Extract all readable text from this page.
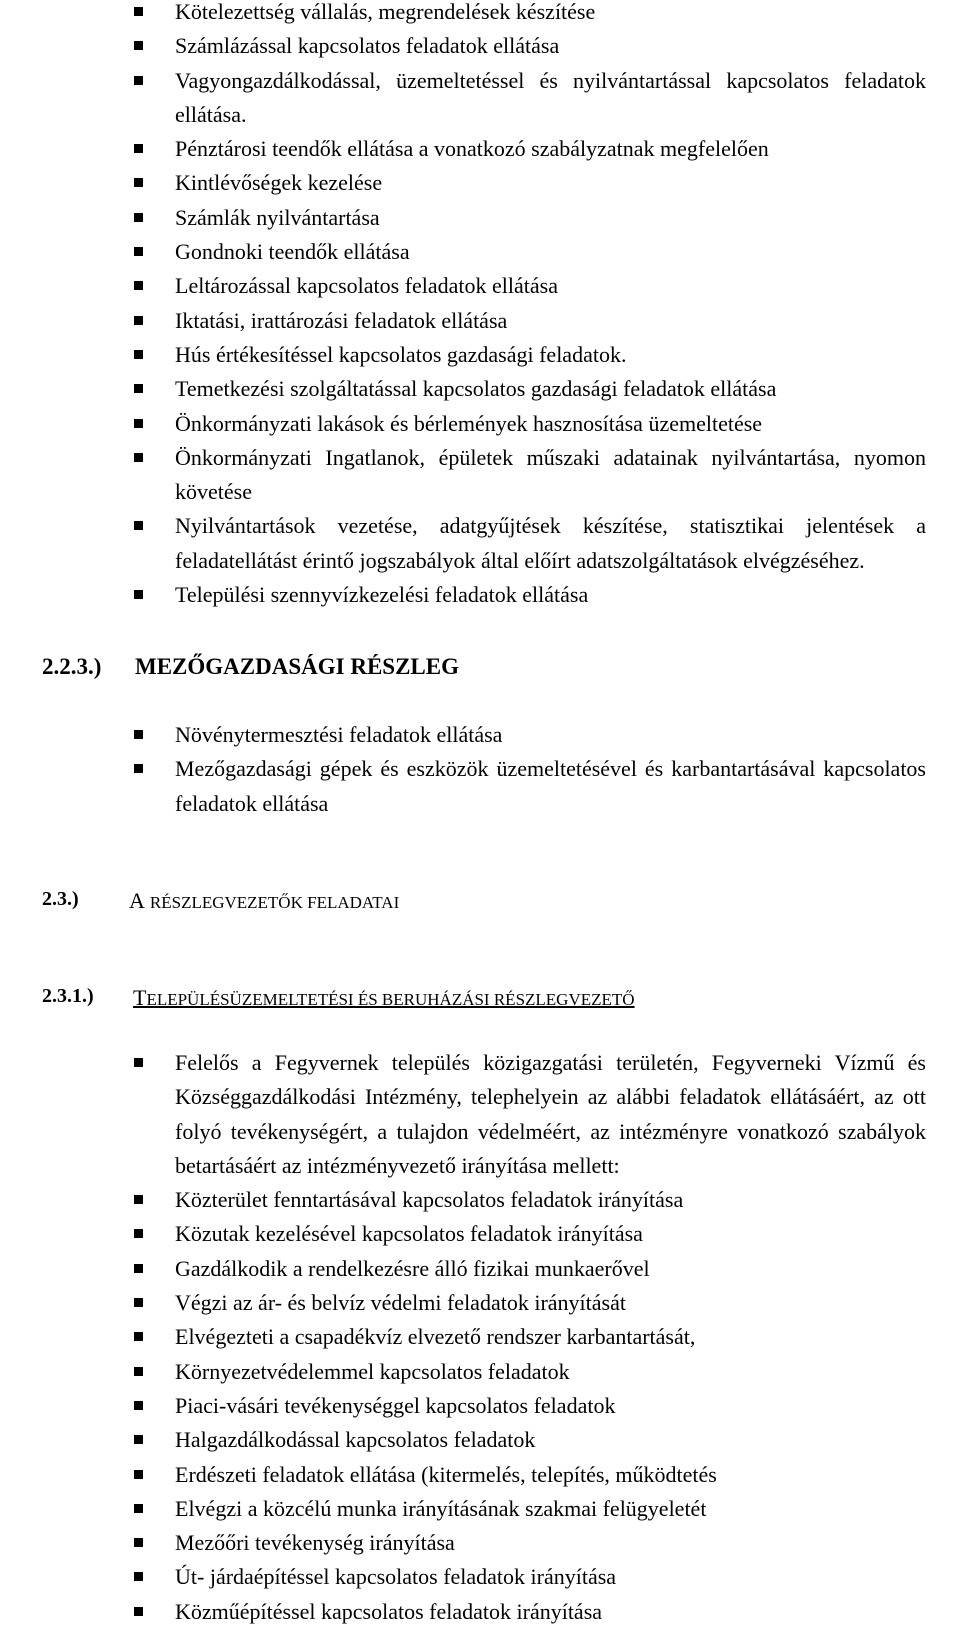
Kötelezettség vállalás, megrendelések készítése
Számlázással kapcsolatos feladatok ellátása
Vagyongazdálkodással, üzemeltetéssel és nyilvántartással kapcsolatos feladatok ellátása.
Pénztárosi teendők ellátása a vonatkozó szabályzatnak megfelelően
Kintlévőségek kezelése
Számlák nyilvántartása
Gondnoki teendők ellátása
Leltározással kapcsolatos feladatok ellátása
Iktatási, irattározási feladatok ellátása
Hús értékesítéssel kapcsolatos gazdasági feladatok.
Temetkezési szolgáltatással kapcsolatos gazdasági feladatok ellátása
Önkormányzati lakások és bérlemények hasznosítása üzemeltetése
Önkormányzati Ingatlanok, épületek műszaki adatainak nyilvántartása, nyomon követése
Nyilvántartások vezetése, adatgyűjtések készítése, statisztikai jelentések a feladatellátást érintő jogszabályok által előírt adatszolgáltatások elvégzéséhez.
Települési szennyvízkezelési feladatok ellátása
2.2.3.) MEZŐGAZDASÁGI RÉSZLEG
Növénytermesztési feladatok ellátása
Mezőgazdasági gépek és eszközök üzemeltetésével és karbantartásával kapcsolatos feladatok ellátása
2.3.) A RÉSZLEGVEZETŐK FELADATAI
2.3.1.) TELEPÜLÉSÜZEMELTETÉSI ÉS BERUHÁZÁSI RÉSZLEGVEZETŐ
Felelős a Fegyvernek település közigazgatási területén, Fegyverneki Vízmű és Községgazdálkodási Intézmény, telephelyein az alábbi feladatok ellátásáért, az ott folyó tevékenységért, a tulajdon védelméért, az intézményre vonatkozó szabályok betartásáért az intézményvezető irányítása mellett:
Közterület fenntartásával kapcsolatos feladatok irányítása
Közutak kezelésével kapcsolatos feladatok irányítása
Gazdálkodik a rendelkezésre álló fizikai munkaerővel
Végzi az ár- és belvíz védelmi feladatok irányítását
Elvégezteti a csapadékvíz elvezető rendszer karbantartását,
Környezetvédelemmel kapcsolatos feladatok
Piaci-vásári tevékenységgel kapcsolatos feladatok
Halgazdálkodással kapcsolatos feladatok
Erdészeti feladatok ellátása (kitermelés, telepítés, működtetés
Elvégzi a közcélú munka irányításának szakmai felügyeletét
Mezőőri tevékenység irányítása
Út- járdaépítéssel kapcsolatos feladatok irányítása
Közműépítéssel kapcsolatos feladatok irányítása
